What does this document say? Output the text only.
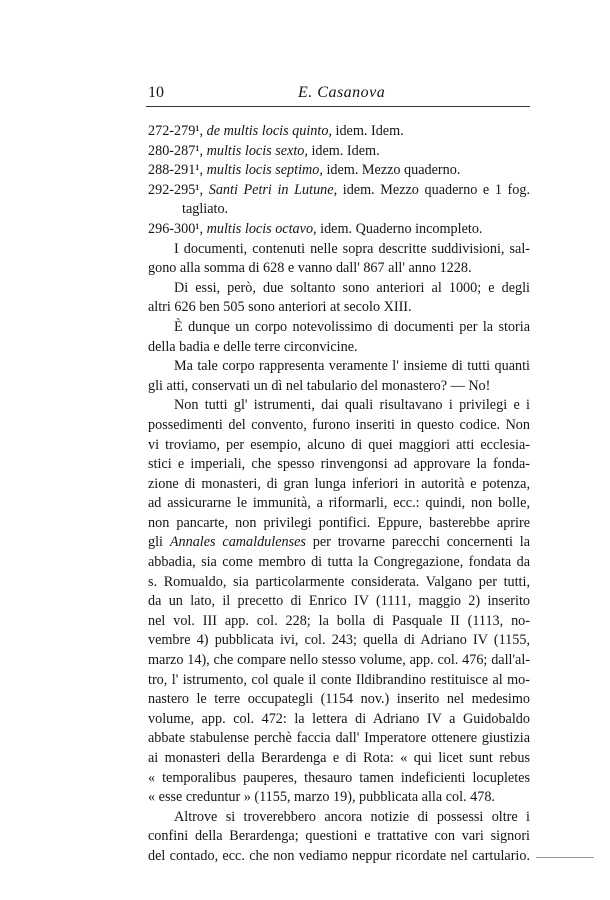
10	E. Casanova
272-279¹, de multis locis quinto, idem. Idem.
280-287¹, multis locis sexto, idem. Idem.
288-291¹, multis locis septimo, idem. Mezzo quaderno.
292-295¹, Santi Petri in Lutune, idem. Mezzo quaderno e 1 fog.
tagliato.
296-300¹, multis locis octavo, idem. Quaderno incompleto.
I documenti, contenuti nelle sopra descritte suddivisioni, sal-
gono alla somma di 628 e vanno dall' 867 all' anno 1228.
Di essi, però, due soltanto sono anteriori al 1000; e degli
altri 626 ben 505 sono anteriori at secolo XIII.
È dunque un corpo notevolissimo di documenti per la storia
della badia e delle terre circonvicine.
Ma tale corpo rappresenta veramente l' insieme di tutti quanti
gli atti, conservati un dì nel tabulario del monastero? — No!
Non tutti gl' istrumenti, dai quali risultavano i privilegi e i
possedimenti del convento, furono inseriti in questo codice. Non
vi troviamo, per esempio, alcuno di quei maggiori atti ecclesia-
stici e imperiali, che spesso rinvengonsi ad approvare la fonda-
zione di monasteri, di gran lunga inferiori in autorità e potenza,
ad assicurarne le immunità, a riformarli, ecc.: quindi, non bolle,
non pancarte, non privilegi pontifici. Eppure, basterebbe aprire
gli Annales camaldulenses per trovarne parecchi concernenti la
abbadia, sia come membro di tutta la Congregazione, fondata da
s. Romualdo, sia particolarmente considerata. Valgano per tutti,
da un lato, il precetto di Enrico IV (1111, maggio 2) inserito
nel vol. III app. col. 228; la bolla di Pasquale II (1113, no-
vembre 4) pubblicata ivi, col. 243; quella di Adriano IV (1155,
marzo 14), che compare nello stesso volume, app. col. 476; dall'al-
tro, l' istrumento, col quale il conte Ildibrandino restituisce al mo-
nastero le terre occupategli (1154 nov.) inserito nel medesimo
volume, app. col. 472: la lettera di Adriano IV a Guidobaldo
abbate stabulense perchè faccia dall' Imperatore ottenere giustizia
ai monasteri della Berardenga e di Rota: « qui licet sunt rebus
« temporalibus pauperes, thesauro tamen indeficienti locupletes
« esse creduntur » (1155, marzo 19), pubblicata alla col. 478.
Altrove si troverebbero ancora notizie di possessi oltre i
confini della Berardenga; questioni e trattative con vari signori
del contado, ecc. che non vediamo neppur ricordate nel cartulario.
